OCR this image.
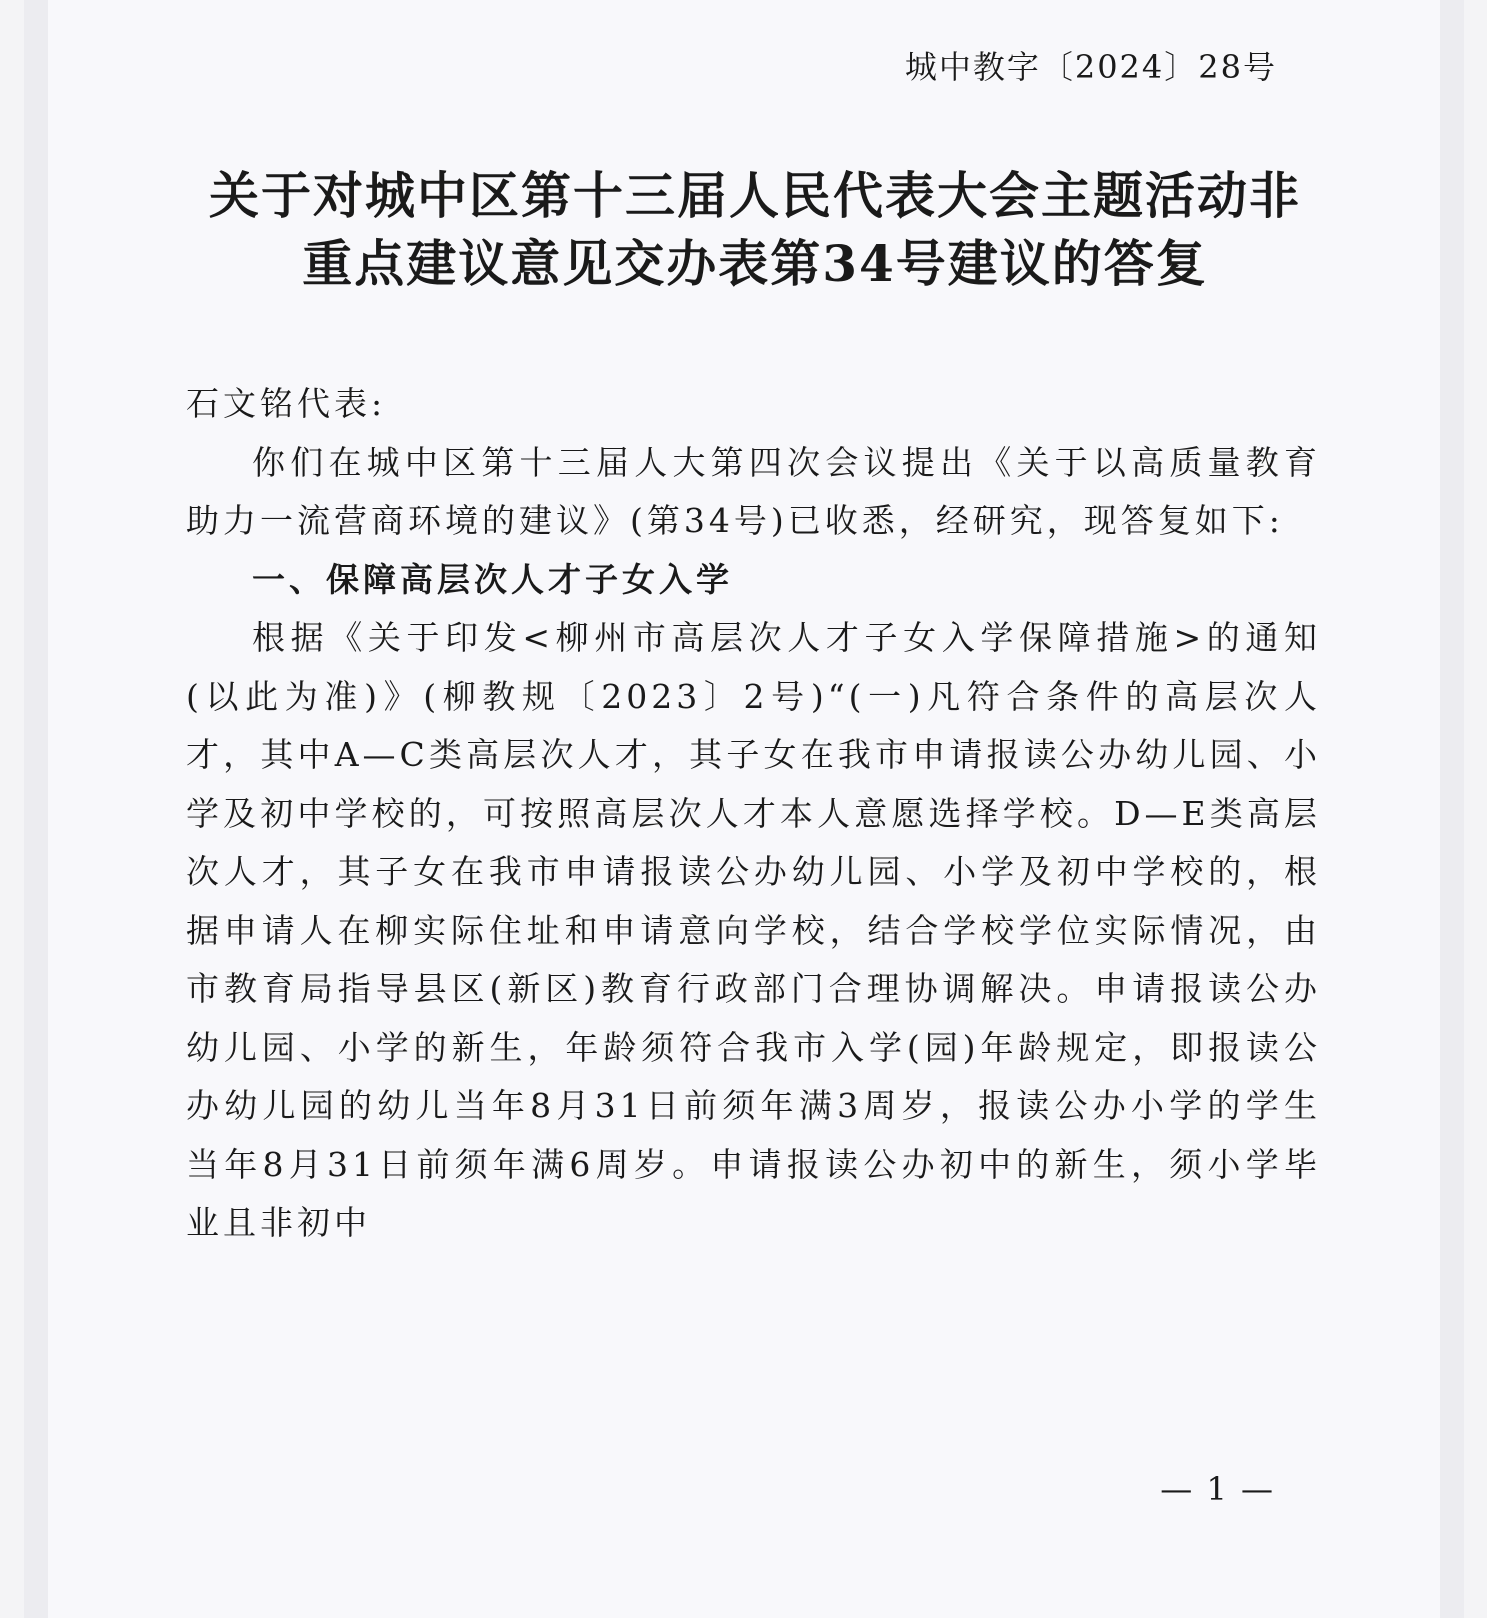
城中教字〔2024〕28号
关于对城中区第十三届人民代表大会主题活动非
重点建议意见交办表第34号建议的答复

石文铭代表:

你们在城中区第十三届人大第四次会议提出《关于以高质量教育助力一流营商环境的建议》(第34号)已收悉，经研究，现答复如下:

一、保障高层次人才子女入学

根据《关于印发<柳州市高层次人才子女入学保障措施>的通知(以此为准)》(柳教规〔2023〕2号)“(一)凡符合条件的高层次人才，其中A—C类高层次人才，其子女在我市申请报读公办幼儿园、小学及初中学校的，可按照高层次人才本人意愿选择学校。D—E类高层次人才，其子女在我市申请报读公办幼儿园、小学及初中学校的，根据申请人在柳实际住址和申请意向学校，结合学校学位实际情况，由市教育局指导县区(新区)教育行政部门合理协调解决。申请报读公办幼儿园、小学的新生，年龄须符合我市入学(园)年龄规定，即报读公办幼儿园的幼儿当年8月31日前须年满3周岁，报读公办小学的学生当年8月31日前须年满6周岁。申请报读公办初中的新生，须小学毕业且非初中

— 1 —
